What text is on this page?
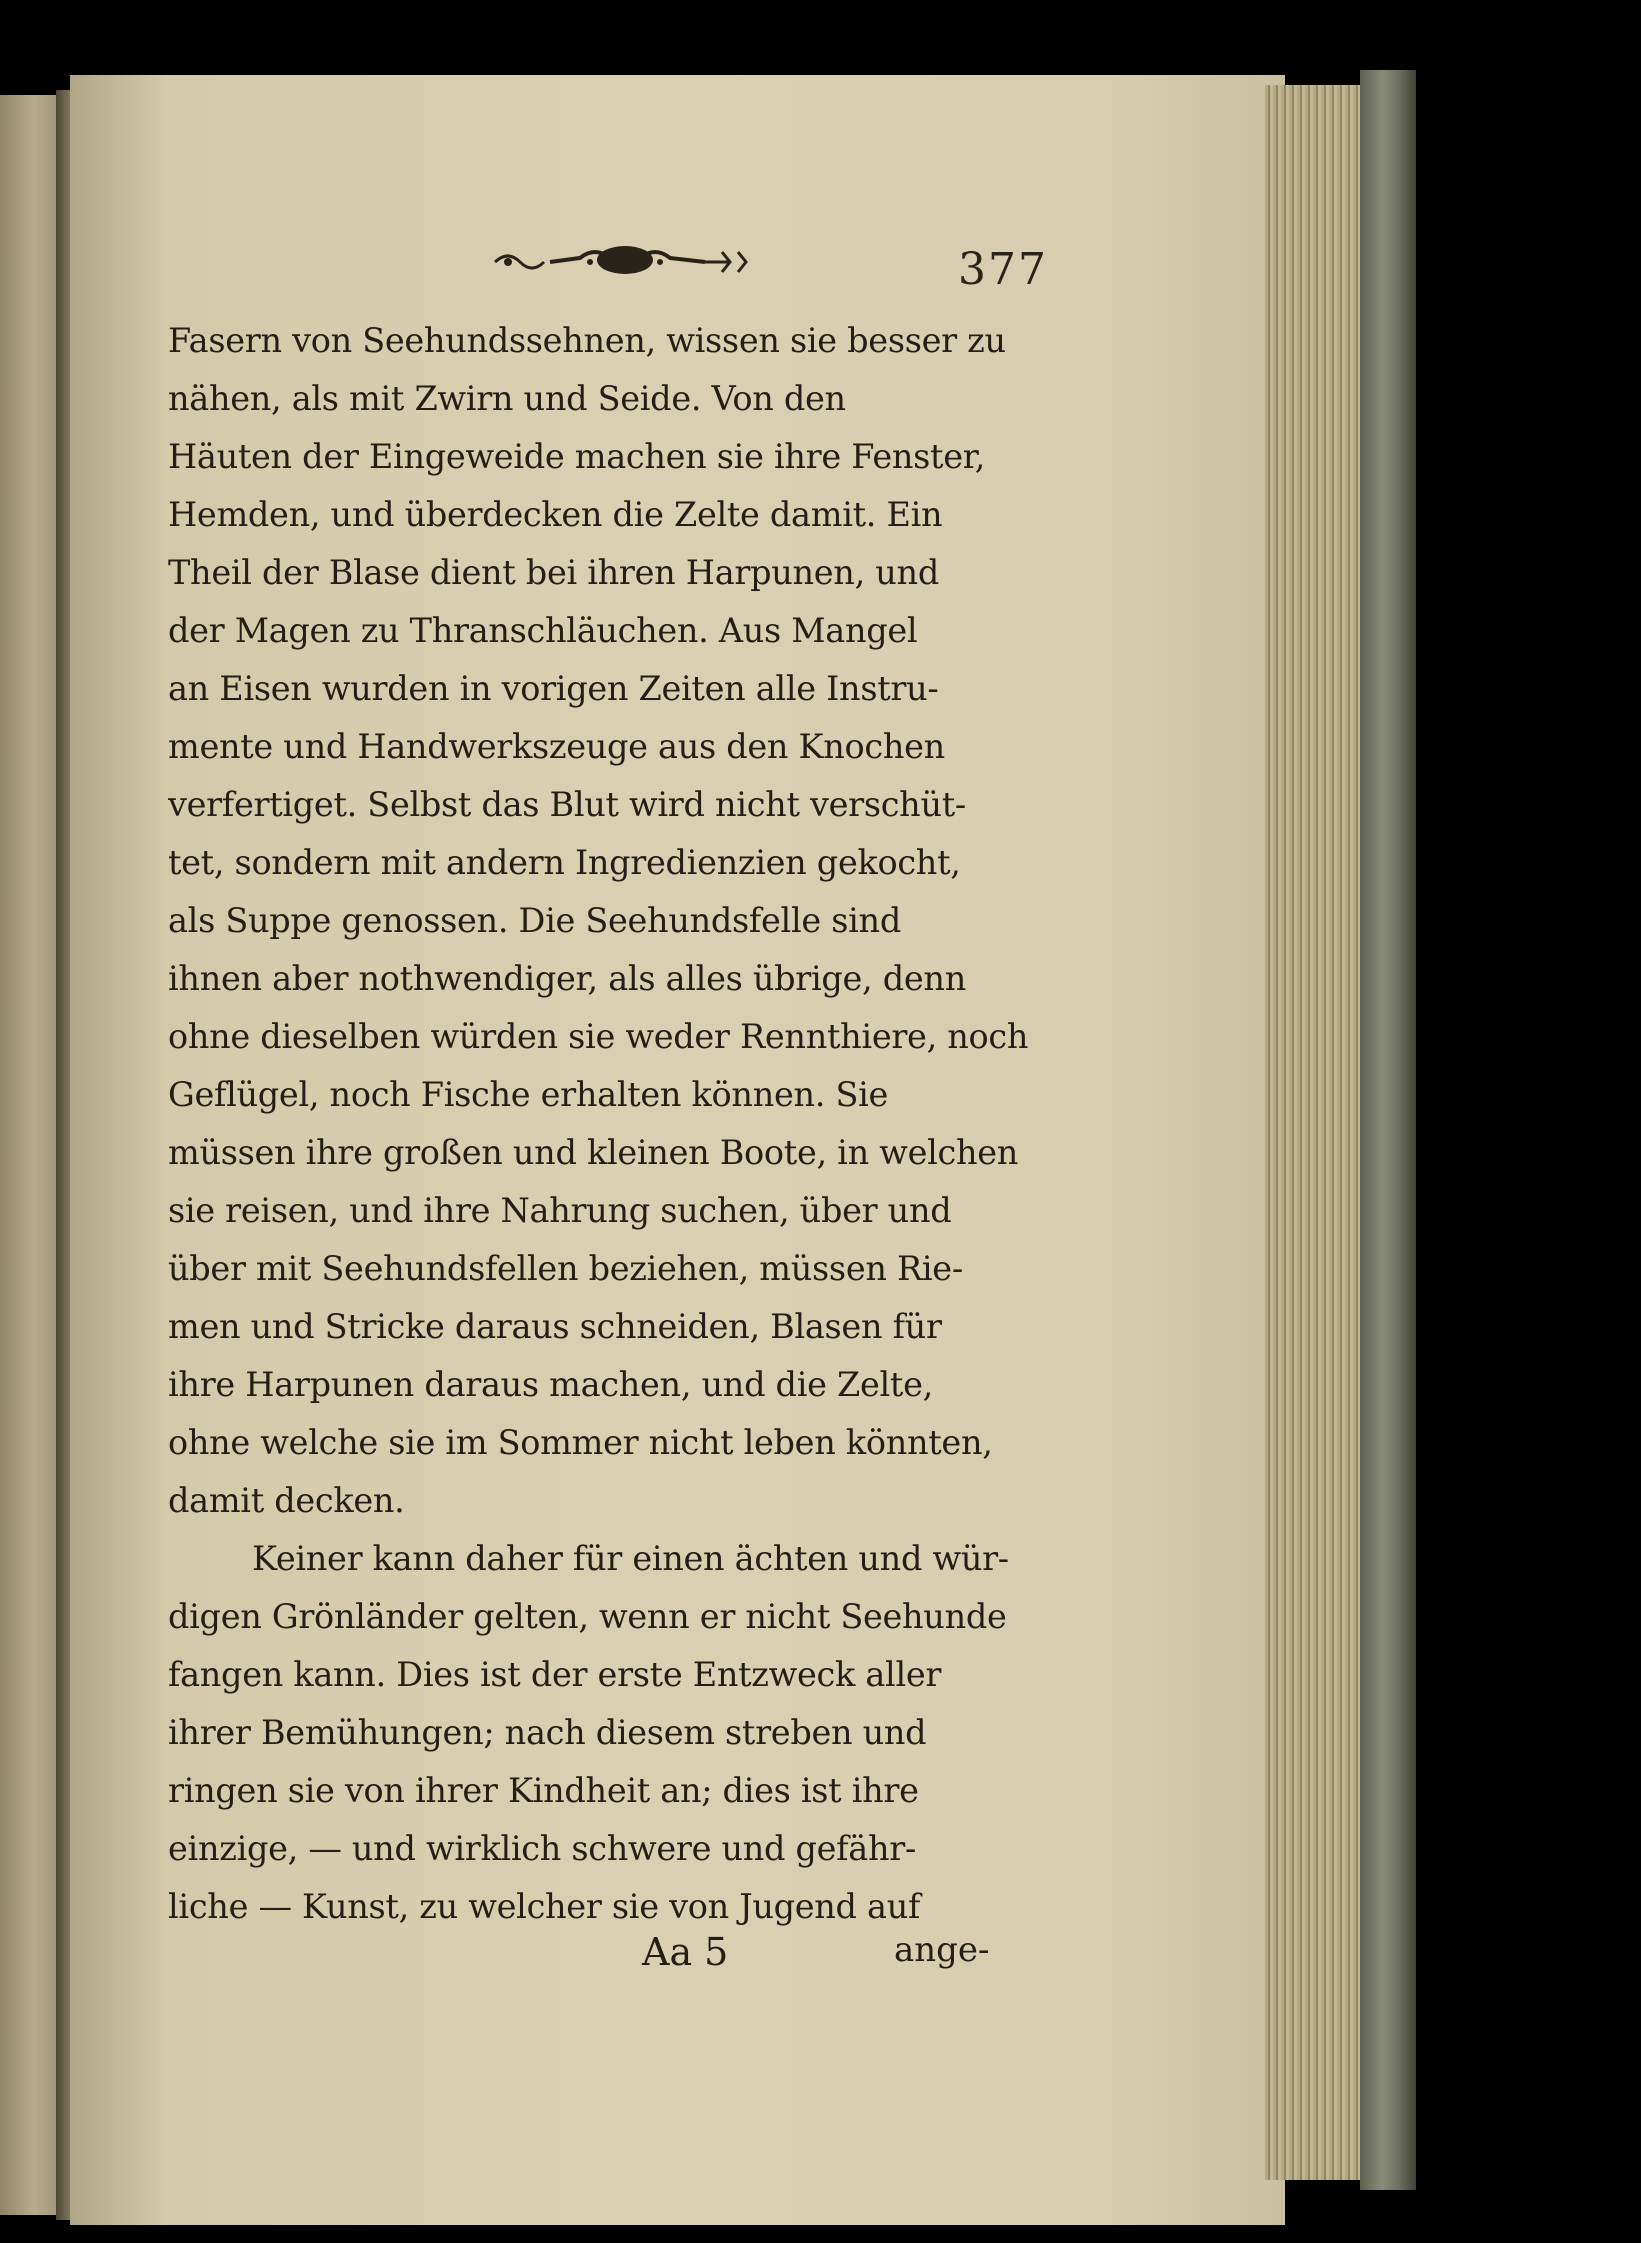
377
Fasern von Seehundssehnen, wissen sie besser zu
nähen, als mit Zwirn und Seide. Von den
Häuten der Eingeweide machen sie ihre Fenster,
Hemden, und überdecken die Zelte damit. Ein
Theil der Blase dient bei ihren Harpunen, und
der Magen zu Thranschläuchen. Aus Mangel
an Eisen wurden in vorigen Zeiten alle Instru-
mente und Handwerkszeuge aus den Knochen
verfertiget. Selbst das Blut wird nicht verschüt-
tet, sondern mit andern Ingredienzien gekocht,
als Suppe genossen. Die Seehundsfelle sind
ihnen aber nothwendiger, als alles übrige, denn
ohne dieselben würden sie weder Rennthiere, noch
Geflügel, noch Fische erhalten können. Sie
müssen ihre großen und kleinen Boote, in welchen
sie reisen, und ihre Nahrung suchen, über und
über mit Seehundsfellen beziehen, müssen Rie-
men und Stricke daraus schneiden, Blasen für
ihre Harpunen daraus machen, und die Zelte,
ohne welche sie im Sommer nicht leben könnten,
damit decken.
Keiner kann daher für einen ächten und wür-
digen Grönländer gelten, wenn er nicht Seehunde
fangen kann. Dies ist der erste Entzweck aller
ihrer Bemühungen; nach diesem streben und
ringen sie von ihrer Kindheit an; dies ist ihre
einzige, — und wirklich schwere und gefähr-
liche — Kunst, zu welcher sie von Jugend auf
Aa 5	ange-
